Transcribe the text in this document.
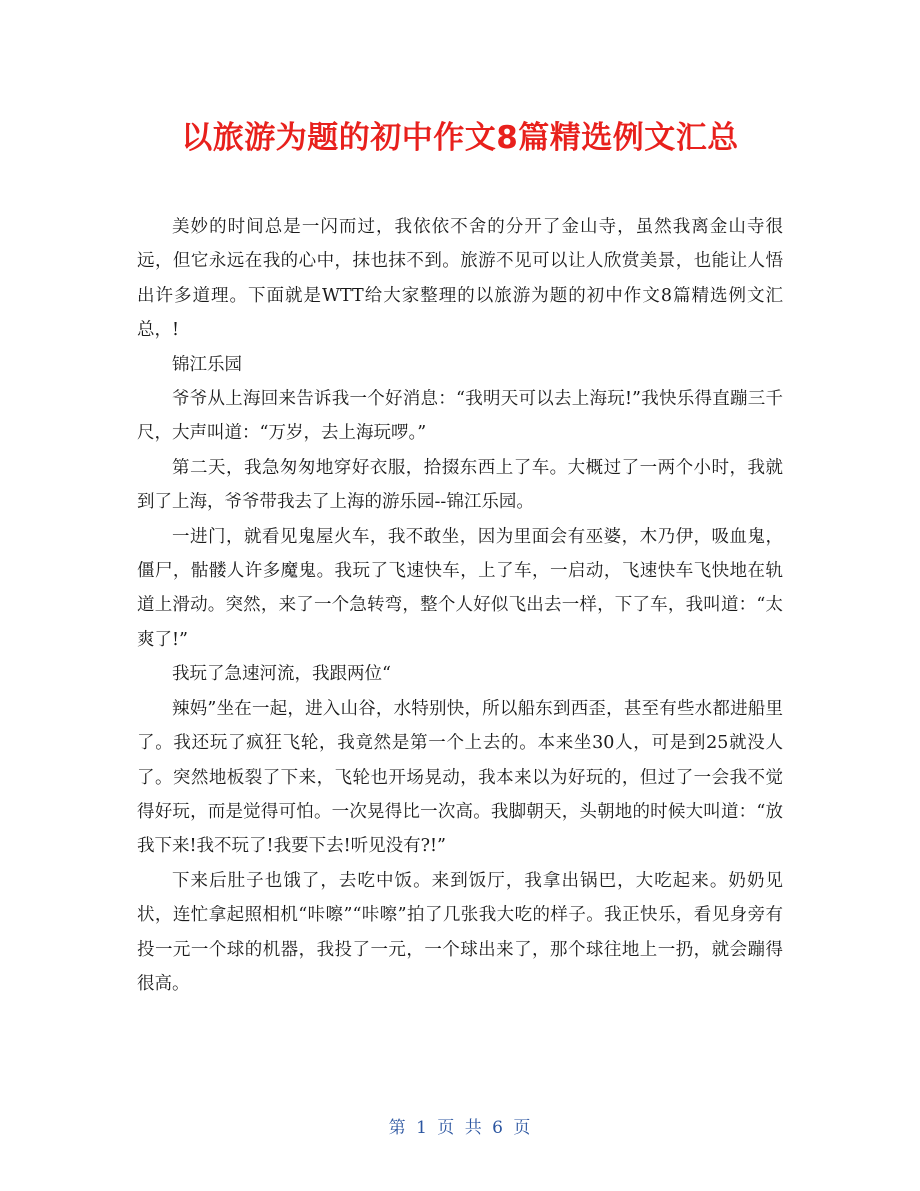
以旅游为题的初中作文8篇精选例文汇总

美妙的时间总是一闪而过，我依依不舍的分开了金山寺，虽然我离金山寺很远，但它永远在我的心中，抹也抹不到。旅游不见可以让人欣赏美景，也能让人悟出许多道理。下面就是WTT给大家整理的以旅游为题的初中作文8篇精选例文汇总，!

锦江乐园

爷爷从上海回来告诉我一个好消息：“我明天可以去上海玩!”我快乐得直蹦三千尺，大声叫道：“万岁，去上海玩啰。”

第二天，我急匆匆地穿好衣服，拾掇东西上了车。大概过了一两个小时，我就到了上海，爷爷带我去了上海的游乐园--锦江乐园。

一进门，就看见鬼屋火车，我不敢坐，因为里面会有巫婆，木乃伊，吸血鬼，僵尸，骷髅人许多魔鬼。我玩了飞速快车，上了车，一启动，飞速快车飞快地在轨道上滑动。突然，来了一个急转弯，整个人好似飞出去一样，下了车，我叫道：“太爽了!”

我玩了急速河流，我跟两位“

辣妈”坐在一起，进入山谷，水特别快，所以船东到西歪，甚至有些水都进船里了。我还玩了疯狂飞轮，我竟然是第一个上去的。本来坐30人，可是到25就没人了。突然地板裂了下来，飞轮也开场晃动，我本来以为好玩的，但过了一会我不觉得好玩，而是觉得可怕。一次晃得比一次高。我脚朝天，头朝地的时候大叫道：“放我下来!我不玩了!我要下去!听见没有?!”

下来后肚子也饿了，去吃中饭。来到饭厅，我拿出锅巴，大吃起来。奶奶见状，连忙拿起照相机“咔嚓”“咔嚓”拍了几张我大吃的样子。我正快乐，看见身旁有投一元一个球的机器，我投了一元，一个球出来了，那个球往地上一扔，就会蹦得很高。

第 1 页 共 6 页
